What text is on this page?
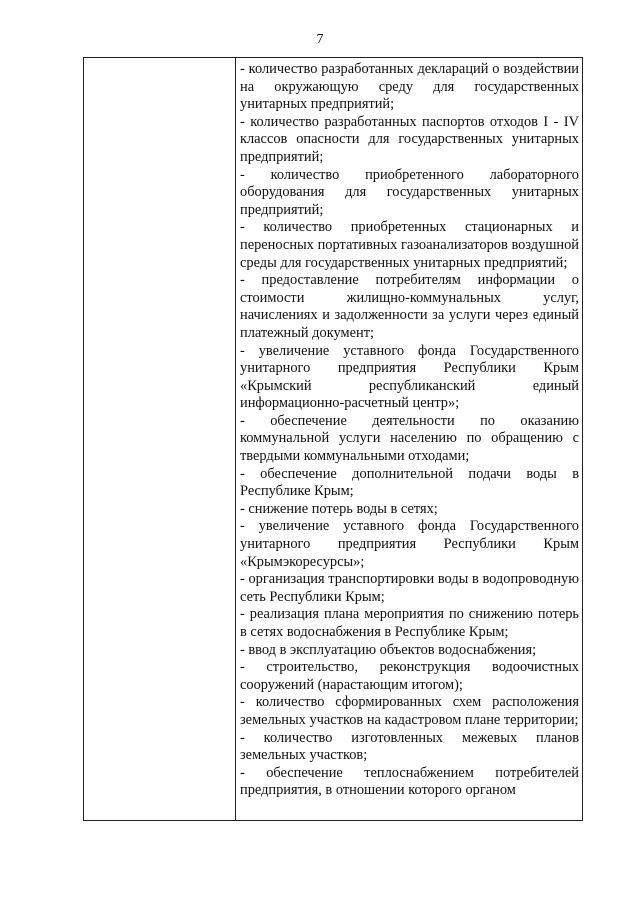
7

- количество разработанных деклараций о воздействии на окружающую среду для государственных унитарных предприятий;

- количество разработанных паспортов отходов I - IV классов опасности для государственных унитарных предприятий;

- количество приобретенного лабораторного оборудования для государственных унитарных предприятий;

- количество приобретенных стационарных и переносных портативных газоанализаторов воздушной среды для государственных унитарных предприятий;

- предоставление потребителям информации о стоимости жилищно-коммунальных услуг, начислениях и задолженности за услуги через единый платежный документ;

- увеличение уставного фонда Государственного унитарного предприятия Республики Крым «Крымский республиканский единый информационно-расчетный центр»;

- обеспечение деятельности по оказанию коммунальной услуги населению по обращению с твердыми коммунальными отходами;

- обеспечение дополнительной подачи воды в Республике Крым;

- снижение потерь воды в сетях;

- увеличение уставного фонда Государственного унитарного предприятия Республики Крым «Крымэкоресурсы»;

- организация транспортировки воды в водопроводную сеть Республики Крым;

- реализация плана мероприятия по снижению потерь в сетях водоснабжения в Республике Крым;

- ввод в эксплуатацию объектов водоснабжения;

- строительство, реконструкция водоочистных сооружений (нарастающим итогом);

- количество сформированных схем расположения земельных участков на кадастровом плане территории;

- количество изготовленных межевых планов земельных участков;

- обеспечение теплоснабжением потребителей предприятия, в отношении которого органом
